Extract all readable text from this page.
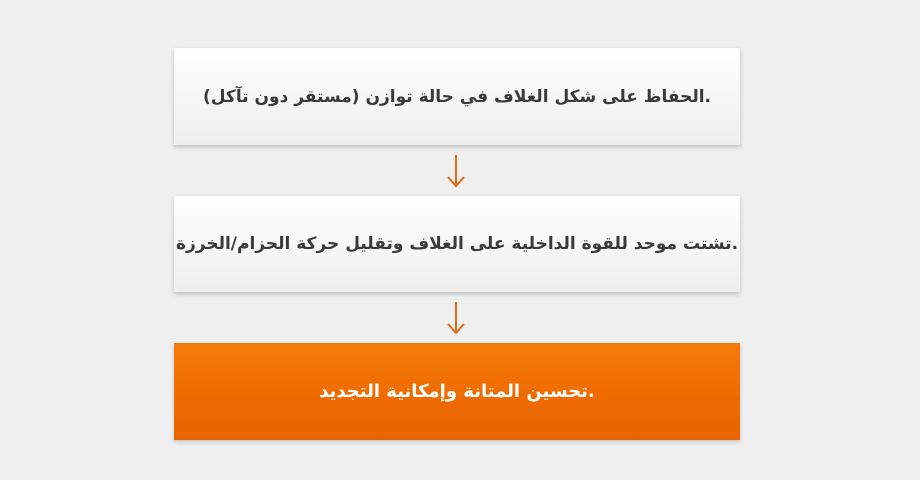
.الحفاظ على شكل الغلاف في حالة توازن (مستقر دون تآكل)
.تشتت موحد للقوة الداخلية على الغلاف وتقليل حركة الحزام/الخرزة
.تحسين المتانة وإمكانية التجديد
